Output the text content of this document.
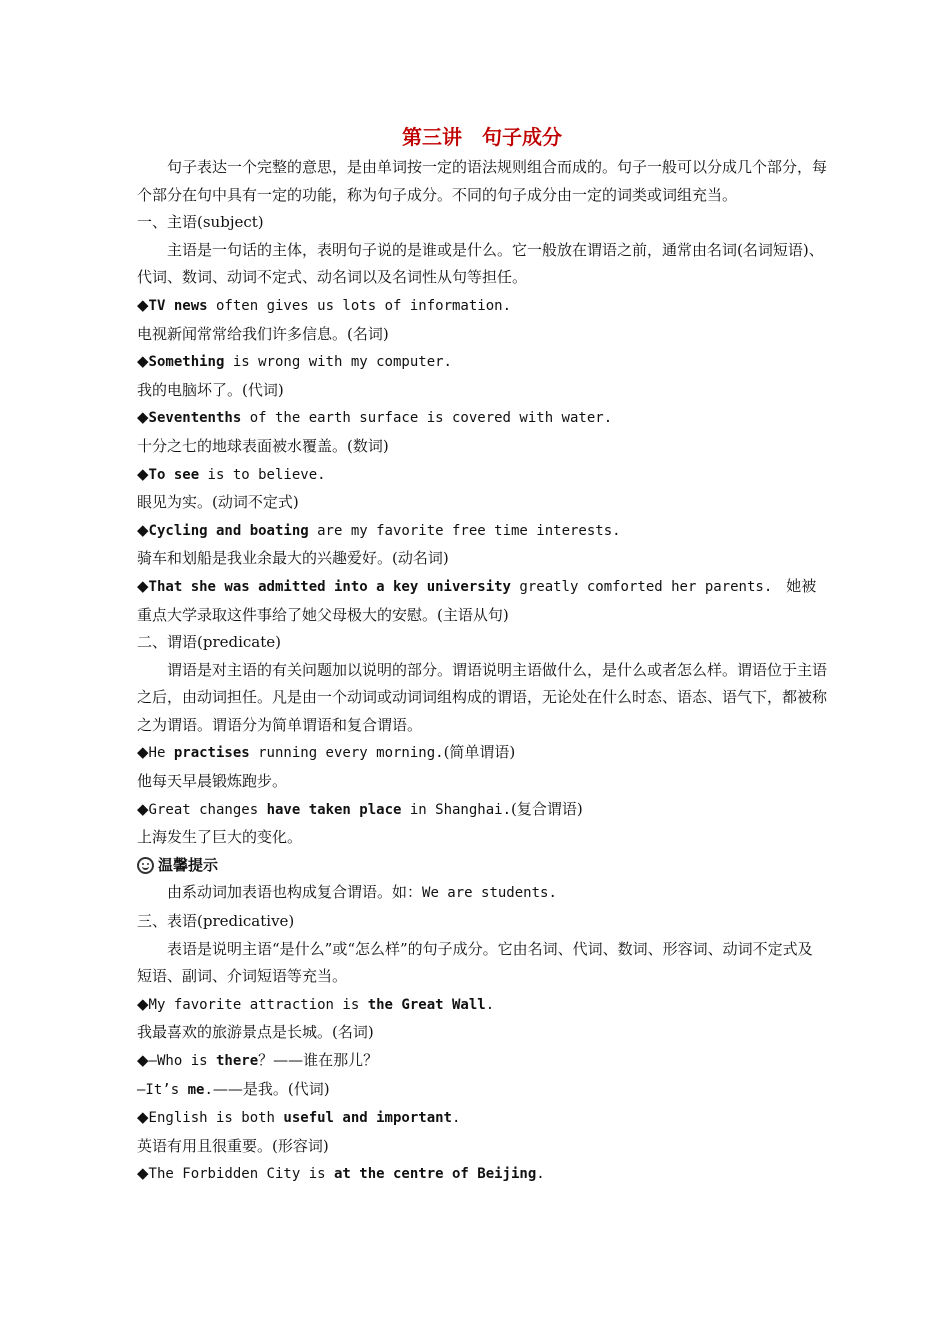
第三讲　句子成分

句子表达一个完整的意思，是由单词按一定的语法规则组合而成的。句子一般可以分成几个部分，每个部分在句中具有一定的功能，称为句子成分。不同的句子成分由一定的词类或词组充当。

一、主语(subject)

主语是一句话的主体，表明句子说的是谁或是什么。它一般放在谓语之前，通常由名词(名词短语)、代词、数词、动词不定式、动名词以及名词性从句等担任。

◆TV news often gives us lots of information.

电视新闻常常给我们许多信息。(名词)

◆Something is wrong with my computer.

我的电脑坏了。(代词)

◆Seventenths of the earth surface is covered with water.

十分之七的地球表面被水覆盖。(数词)

◆To see is to believe.

眼见为实。(动词不定式)

◆Cycling and boating are my favorite free time interests.

骑车和划船是我业余最大的兴趣爱好。(动名词)

◆That she was admitted into a key university greatly comforted her parents.　她被重点大学录取这件事给了她父母极大的安慰。(主语从句)

二、谓语(predicate)

谓语是对主语的有关问题加以说明的部分。谓语说明主语做什么，是什么或者怎么样。谓语位于主语之后，由动词担任。凡是由一个动词或动词词组构成的谓语，无论处在什么时态、语态、语气下，都被称之为谓语。谓语分为简单谓语和复合谓语。

◆He practises running every morning.(简单谓语)

他每天早晨锻炼跑步。

◆Great changes have taken place in Shanghai.(复合谓语)

上海发生了巨大的变化。

温馨提示

由系动词加表语也构成复合谓语。如：We are students.

三、表语(predicative)

表语是说明主语“是什么”或“怎么样”的句子成分。它由名词、代词、数词、形容词、动词不定式及短语、副词、介词短语等充当。

◆My favorite attraction is the Great Wall.

我最喜欢的旅游景点是长城。(名词)

◆—Who is there？——谁在那儿？

—It’s me.——是我。(代词)

◆English is both useful and important.

英语有用且很重要。(形容词)

◆The Forbidden City is at the centre of Beijing.
